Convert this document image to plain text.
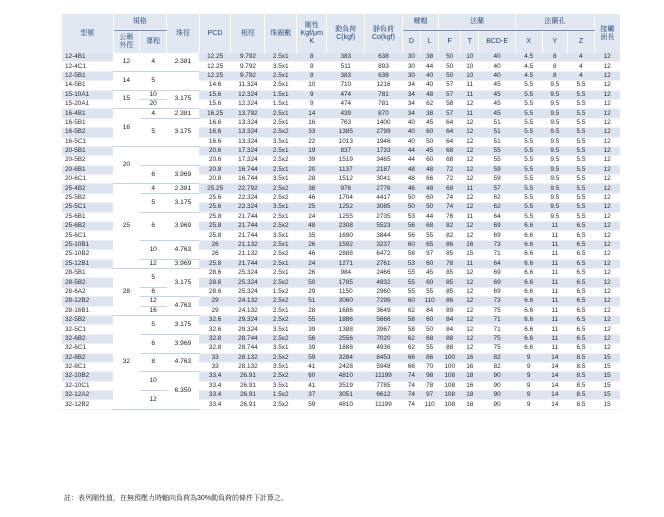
型號	規格		珠徑	PCD	根徑	珠圈數	剛性
Kgf/μm
K	動負荷
C(kgf)	靜負荷
Co(kgf)	螺帽		法蘭			法蘭孔			接觸
面長
	公稱
外徑	導程								D	L	F	T	BCD-E	X	Y	Z	
12-4B1	12	4	2.381	12.25	9.792	2.5x1	8	383	638	30	38	50	10	40	4.5	8	4	12
12-4C1				12.25	9.792	3.5x1	9	511	893	30	44	50	10	40	4.5	8	4	12
12-5B1	14	5		12.25	9.792	2.5x1	8	383	638	30	40	50	10	40	4.5	8	4	12
14-5B1				14.6	11.324	2.5x1	10	710	1216	34	40	57	11	45	5.5	9.5	5.5	12
15-10A1	15	10	3.175	15.6	12.324	1.5x1	9	474	781	34	48	57	11	45	5.5	9.5	5.5	12
15-20A1		20		15.6	12.324	1.5x1	9	474	781	34	62	58	12	45	5.5	9.5	5.5	12
16-4B1	16	4	2.381	16.25	13.792	2.5x1	14	439	870	34	38	57	11	45	5.5	9.5	5.5	12
16-5B1		5	3.175	16.6	13.324	2.5x1	16	763	1400	40	45	64	12	51	5.5	9.5	5.5	12
16-5B2				16.6	13.324	2.5x2	33	1385	2799	40	60	64	12	51	5.5	9.5	5.5	12
16-5C1				16.6	13.324	3.5x1	22	1013	1946	40	50	64	12	51	5.5	9.5	5.5	12
20-5B1	20			20.6	17.324	2.5x1	19	837	1733	44	45	68	12	55	5.5	9.5	5.5	12
20-5B2				20.6	17.324	2.5x2	39	1519	3465	44	60	68	12	55	5.5	9.5	5.5	12
20-6B1		6	3.969	20.8	16.744	2.5x1	20	1137	2187	48	48	72	12	59	5.5	9.5	5.5	12
20-6C1				20.8	16.744	3.5x1	28	1512	3041	48	66	72	12	59	5.5	9.5	5.5	12
25-4B2	25	4	2.381	25.25	22.792	2.5x2	38	976	2776	46	48	69	11	57	5.5	9.5	5.5	12
25-5B2		5	3.175	25.6	22.324	2.5x2	46	1704	4417	50	60	74	12	62	5.5	9.5	5.5	12
25-5C1				25.6	22.324	3.5x1	25	1252	3085	50	50	74	12	62	5.5	9.5	5.5	12
25-6B1		6	3.969	25.8	21.744	2.5x1	24	1255	2735	53	44	76	11	64	5.5	9.5	5.5	12
25-6B2				25.8	21.744	2.5x2	48	2308	5523	56	68	82	12	69	6.6	11	6.5	12
25-6C1				25.8	21.744	3.5x1	35	1690	3844	56	55	82	12	69	6.6	11	6.5	12
25-10B1		10	4.763	26	21.132	2.5x1	26	1592	3237	60	65	86	16	73	6.6	11	6.5	12
25-10B2				26	21.132	2.5x2	46	2888	6472	58	97	85	15	71	6.6	11	6.5	12
25-12B1		12	3.969	25.8	21.744	2.5x1	24	1271	2761	53	60	78	11	64	6.6	11	6.5	12
28-5B1	28	5	3.175	28.6	25.324	2.5x1	26	984	2466	55	45	85	12	69	6.6	11	6.5	12
28-5B2				28.6	25.324	2.5x2	50	1785	4932	55	60	85	12	69	6.6	11	6.5	12
28-6A2		6		28.6	25.324	1.5x2	29	1150	2960	55	55	85	12	69	6.6	11	6.5	12
28-12B2		12	4.763	29	24.132	2.5x2	51	3060	7299	60	110	86	12	73	6.6	11	6.5	12
28-16B1		16		29	24.132	2.5x1	28	1686	3649	62	84	89	12	75	6.6	11	6.5	12
32-5B2	32	5	3.175	32.6	29.324	2.5x2	55	1886	5666	58	60	84	12	71	6.6	11	6.5	12
32-5C1				32.6	29.324	3.5x1	39	1388	3967	58	50	84	12	71	6.6	11	6.5	12
32-6B2		6	3.969	32.8	28.744	2.5x2	56	2556	7020	62	68	88	12	75	6.6	11	6.5	12
32-6C1				32.8	28.744	3.5x1	39	1888	4936	62	55	88	12	75	6.6	11	6.5	12
32-8B2		8	4.763	33	28.132	2.5x2	59	3284	8453	66	86	100	16	82	9	14	8.5	15
32-8C1				33	28.132	3.5x1	41	2428	5948	66	70	100	16	82	9	14	8.5	15
32-10B2		10	6.350	33.4	26.91	2.5x2	60	4810	11199	74	98	108	18	90	9	14	8.5	15
32-10C1				33.4	26.91	3.5x1	41	3519	7785	74	78	108	16	90	9	14	8.5	15
32-12A2		12		33.4	26.91	1.5x2	37	3051	6612	74	97	108	18	90	9	14	8.5	15
32-12B2				33.4	26.91	2.5x2	59	4810	11199	74	110	108	18	90	9	14	8.5	15
註：表列剛性值，在無預壓力時軸向負荷為30%動負荷的條件下計算之。
